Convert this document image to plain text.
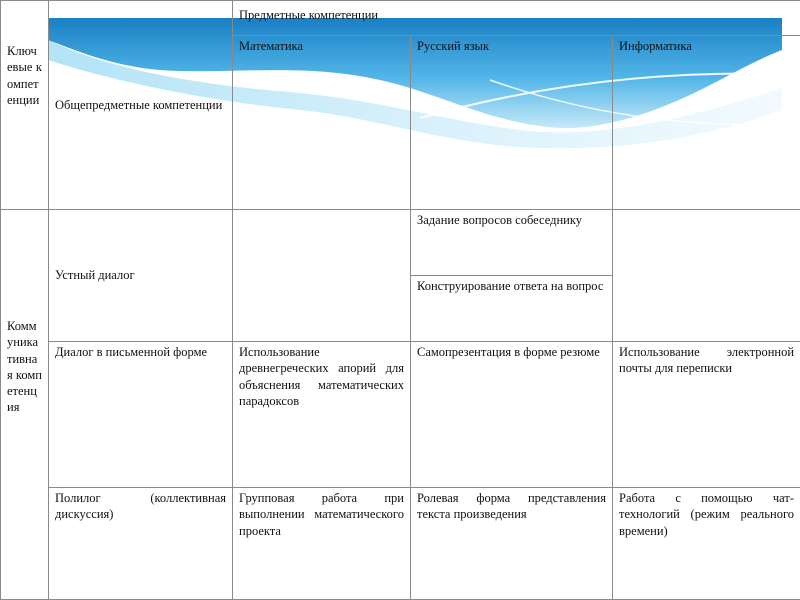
Ключевые компетенции	Общепредметные компетенции	Предметные компетенции		
		Математика	Русский язык	Информатика
Коммуникативная компетенция	Устный диалог		Задание вопросов собеседнику	
			Конструирование ответа на вопрос	
	Диалог в письменной форме	Использование древнегреческих апорий для объяснения математических парадоксов	Самопрезентация в форме резюме	Использование электронной почты для переписки
	Полилог (коллективная дискуссия)	Групповая работа при выполнении математического проекта	Ролевая форма представления текста произведения	Работа с помощью чат-технологий (режим реального времени)
